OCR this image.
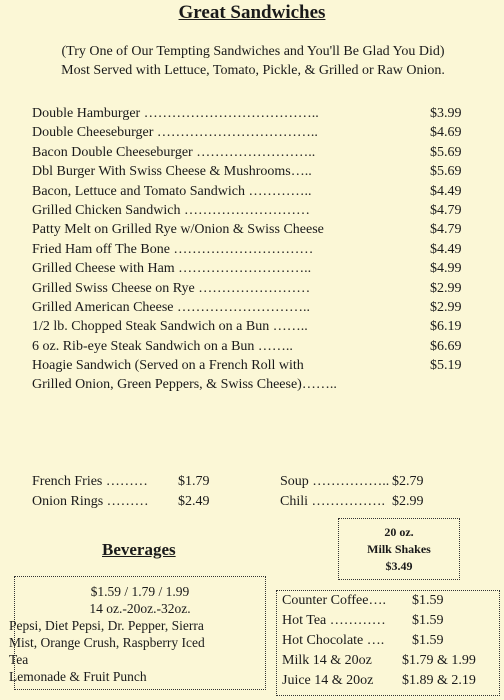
Great Sandwiches
(Try One of Our Tempting Sandwiches and You'll Be Glad You Did)
Most Served with Lettuce, Tomato, Pickle, & Grilled or Raw Onion.
Double Hamburger ………………………………..	$3.99
Double Cheeseburger ……………………………..	$4.69
Bacon Double Cheeseburger ……………………..	$5.69
Dbl Burger With Swiss Cheese & Mushrooms…..	$5.69
Bacon, Lettuce and Tomato Sandwich …………..	$4.49
Grilled Chicken Sandwich ………………………	$4.79
Patty Melt on Grilled Rye w/Onion & Swiss Cheese	$4.79
Fried Ham off The Bone …………………………	$4.49
Grilled Cheese with Ham ………………………..	$4.99
Grilled Swiss Cheese on Rye ……………………	$2.99
Grilled American Cheese ………………………..	$2.99
1/2 lb. Chopped Steak Sandwich on a Bun ……..	$6.19
6 oz. Rib-eye Steak Sandwich on a Bun ……..	$6.69
Hoagie Sandwich (Served on a French Roll with	$5.19
Grilled Onion, Green Peppers, & Swiss Cheese)……..
French Fries ……… $1.79
Onion Rings ……… $2.49
Soup …………….. $2.79
Chili ……………. $2.99
Beverages
20 oz.
Milk Shakes
$3.49
$1.59 / 1.79 / 1.99
14 oz.-20oz.-32oz.
Pepsi, Diet Pepsi, Dr. Pepper, Sierra
Mist, Orange Crush, Raspberry Iced
Tea
Lemonade & Fruit Punch
Counter Coffee…. $1.59
Hot Tea ………… $1.59
Hot Chocolate …. $1.59
Milk 14 & 20oz $1.79 & 1.99
Juice 14 & 20oz $1.89 & 2.19
